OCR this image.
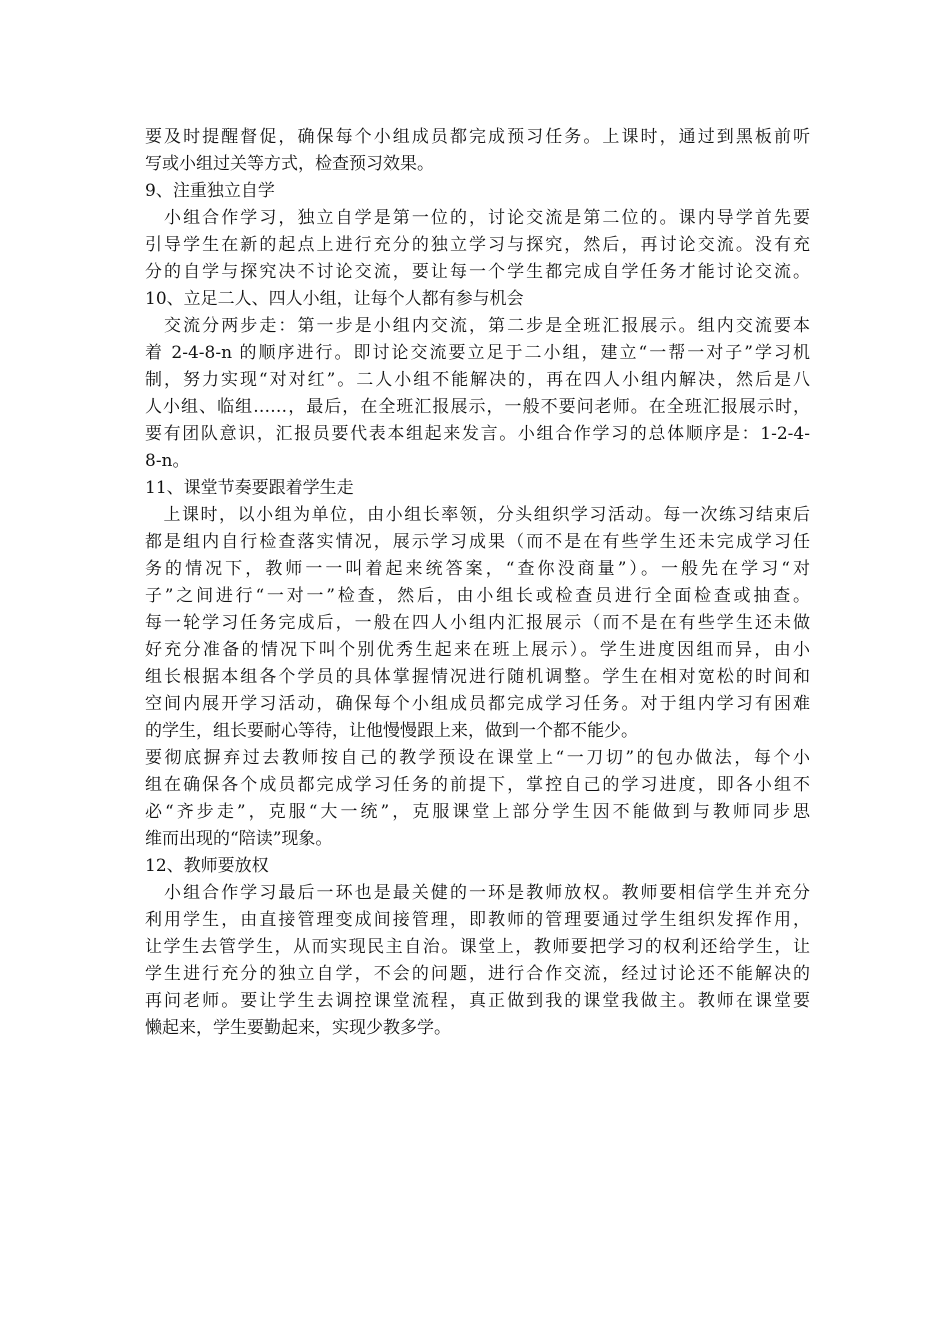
要及时提醒督促，确保每个小组成员都完成预习任务。上课时，通过到黑板前听
写或小组过关等方式，检查预习效果。
9、注重独立自学
　小组合作学习，独立自学是第一位的，讨论交流是第二位的。课内导学首先要
引导学生在新的起点上进行充分的独立学习与探究，然后，再讨论交流。没有充
分的自学与探究决不讨论交流，要让每一个学生都完成自学任务才能讨论交流。
10、立足二人、四人小组，让每个人都有参与机会
　交流分两步走：第一步是小组内交流，第二步是全班汇报展示。组内交流要本
着 2-4-8-n 的顺序进行。即讨论交流要立足于二小组，建立“一帮一对子”学习机
制，努力实现“对对红”。二人小组不能解决的，再在四人小组内解决，然后是八
人小组、临组……，最后，在全班汇报展示，一般不要问老师。在全班汇报展示时，
要有团队意识，汇报员要代表本组起来发言。小组合作学习的总体顺序是：1-2-4-
8-n。
11、课堂节奏要跟着学生走
　上课时，以小组为单位，由小组长率领，分头组织学习活动。每一次练习结束后
都是组内自行检查落实情况，展示学习成果（而不是在有些学生还未完成学习任
务的情况下，教师一一叫着起来统答案，“查你没商量”）。一般先在学习“对
子”之间进行“一对一”检查，然后，由小组长或检查员进行全面检查或抽查。
每一轮学习任务完成后，一般在四人小组内汇报展示（而不是在有些学生还未做
好充分准备的情况下叫个别优秀生起来在班上展示）。学生进度因组而异，由小
组长根据本组各个学员的具体掌握情况进行随机调整。学生在相对宽松的时间和
空间内展开学习活动，确保每个小组成员都完成学习任务。对于组内学习有困难
的学生，组长要耐心等待，让他慢慢跟上来，做到一个都不能少。
要彻底摒弃过去教师按自己的教学预设在课堂上“一刀切”的包办做法，每个小
组在确保各个成员都完成学习任务的前提下，掌控自己的学习进度，即各小组不
必“齐步走”，克服“大一统”，克服课堂上部分学生因不能做到与教师同步思
维而出现的“陪读”现象。
12、教师要放权
　小组合作学习最后一环也是最关健的一环是教师放权。教师要相信学生并充分
利用学生，由直接管理变成间接管理，即教师的管理要通过学生组织发挥作用，
让学生去管学生，从而实现民主自治。课堂上，教师要把学习的权利还给学生，让
学生进行充分的独立自学，不会的问题，进行合作交流，经过讨论还不能解决的
再问老师。要让学生去调控课堂流程，真正做到我的课堂我做主。教师在课堂要
懒起来，学生要勤起来，实现少教多学。
